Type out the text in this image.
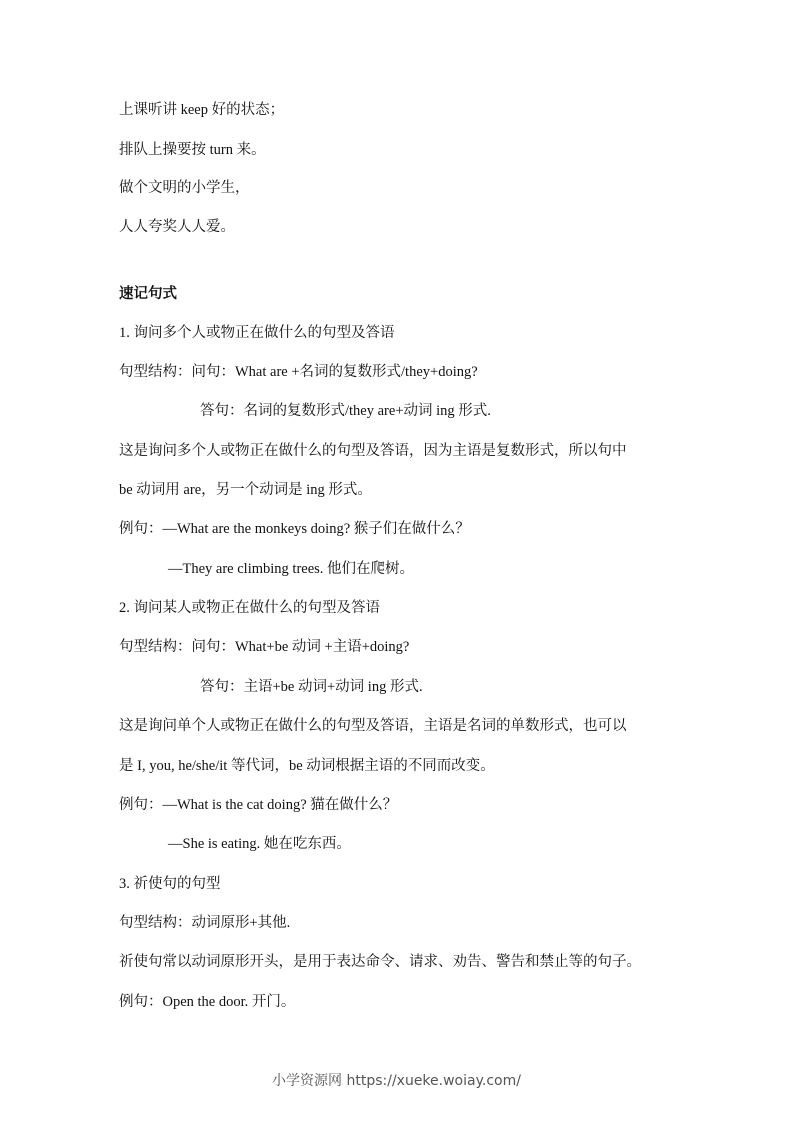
上课听讲 keep 好的状态；
排队上操要按 turn 来。
做个文明的小学生，
人人夸奖人人爱。
速记句式
1. 询问多个人或物正在做什么的句型及答语
句型结构：问句：What are +名词的复数形式/they+doing?
答句：名词的复数形式/they are+动词 ing 形式.
这是询问多个人或物正在做什么的句型及答语，因为主语是复数形式，所以句中
be 动词用 are，另一个动词是 ing 形式。
例句：—What are the monkeys doing? 猴子们在做什么？
—They are climbing trees. 他们在爬树。
2. 询问某人或物正在做什么的句型及答语
句型结构：问句：What+be 动词 +主语+doing?
答句：主语+be 动词+动词 ing 形式.
这是询问单个人或物正在做什么的句型及答语，主语是名词的单数形式，也可以
是 I, you, he/she/it 等代词，be 动词根据主语的不同而改变。
例句：—What is the cat doing? 猫在做什么？
—She is eating. 她在吃东西。
3. 祈使句的句型
句型结构：动词原形+其他.
祈使句常以动词原形开头，是用于表达命令、请求、劝告、警告和禁止等的句子。
例句：Open the door. 开门。
小学资源网 https://xueke.woiay.com/
